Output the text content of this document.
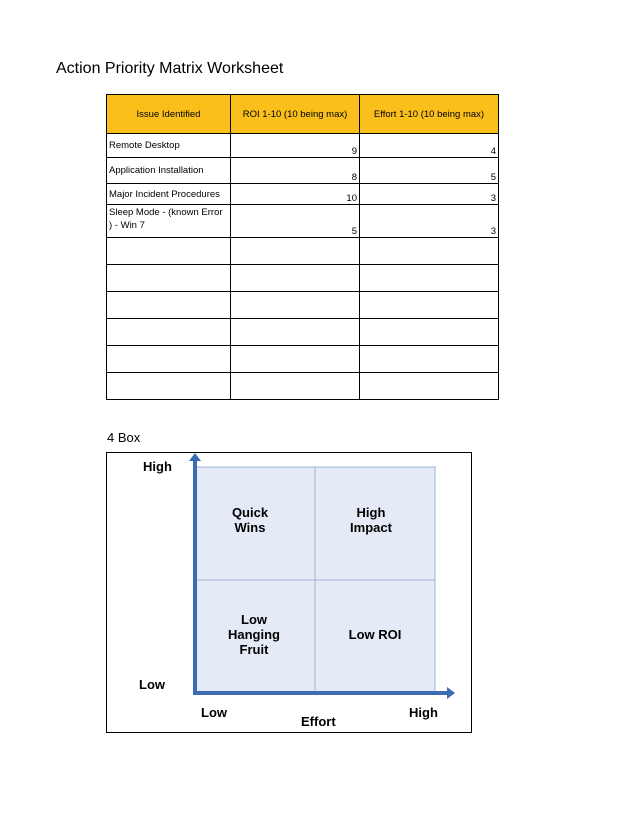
Action Priority Matrix Worksheet
Issue Identified	ROI 1-10 (10 being max)	Effort 1-10 (10 being max)
Remote Desktop	9	4
Application Installation	8	5
Major Incident Procedures	10	3
Sleep Mode - (known Error ) - Win 7	5	3

4 Box
High
Low
Low	High
Effort
Quick Wins
High Impact
Low Hanging Fruit
Low ROI
